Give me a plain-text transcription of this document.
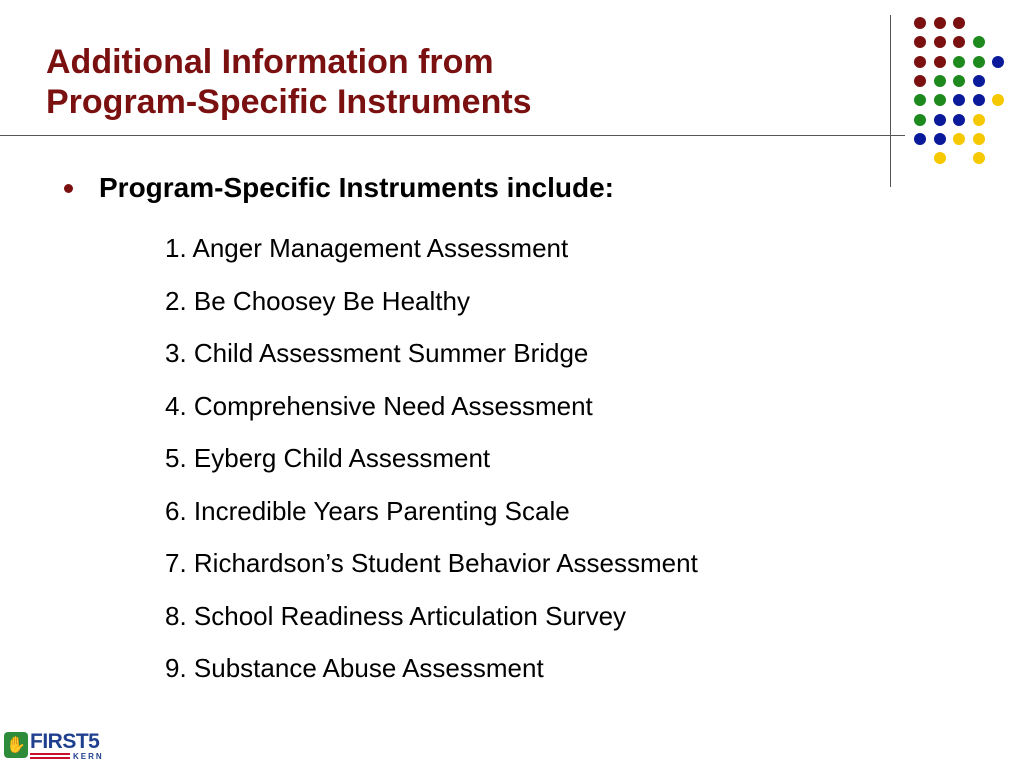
Additional Information from
Program-Specific Instruments
Program-Specific Instruments include:
1. Anger Management Assessment
2. Be Choosey Be Healthy
3. Child Assessment Summer Bridge
4. Comprehensive Need Assessment
5. Eyberg Child Assessment
6. Incredible Years Parenting Scale
7. Richardson’s Student Behavior Assessment
8. School Readiness Articulation Survey
9. Substance Abuse Assessment
✋ FIRST5
KERN
